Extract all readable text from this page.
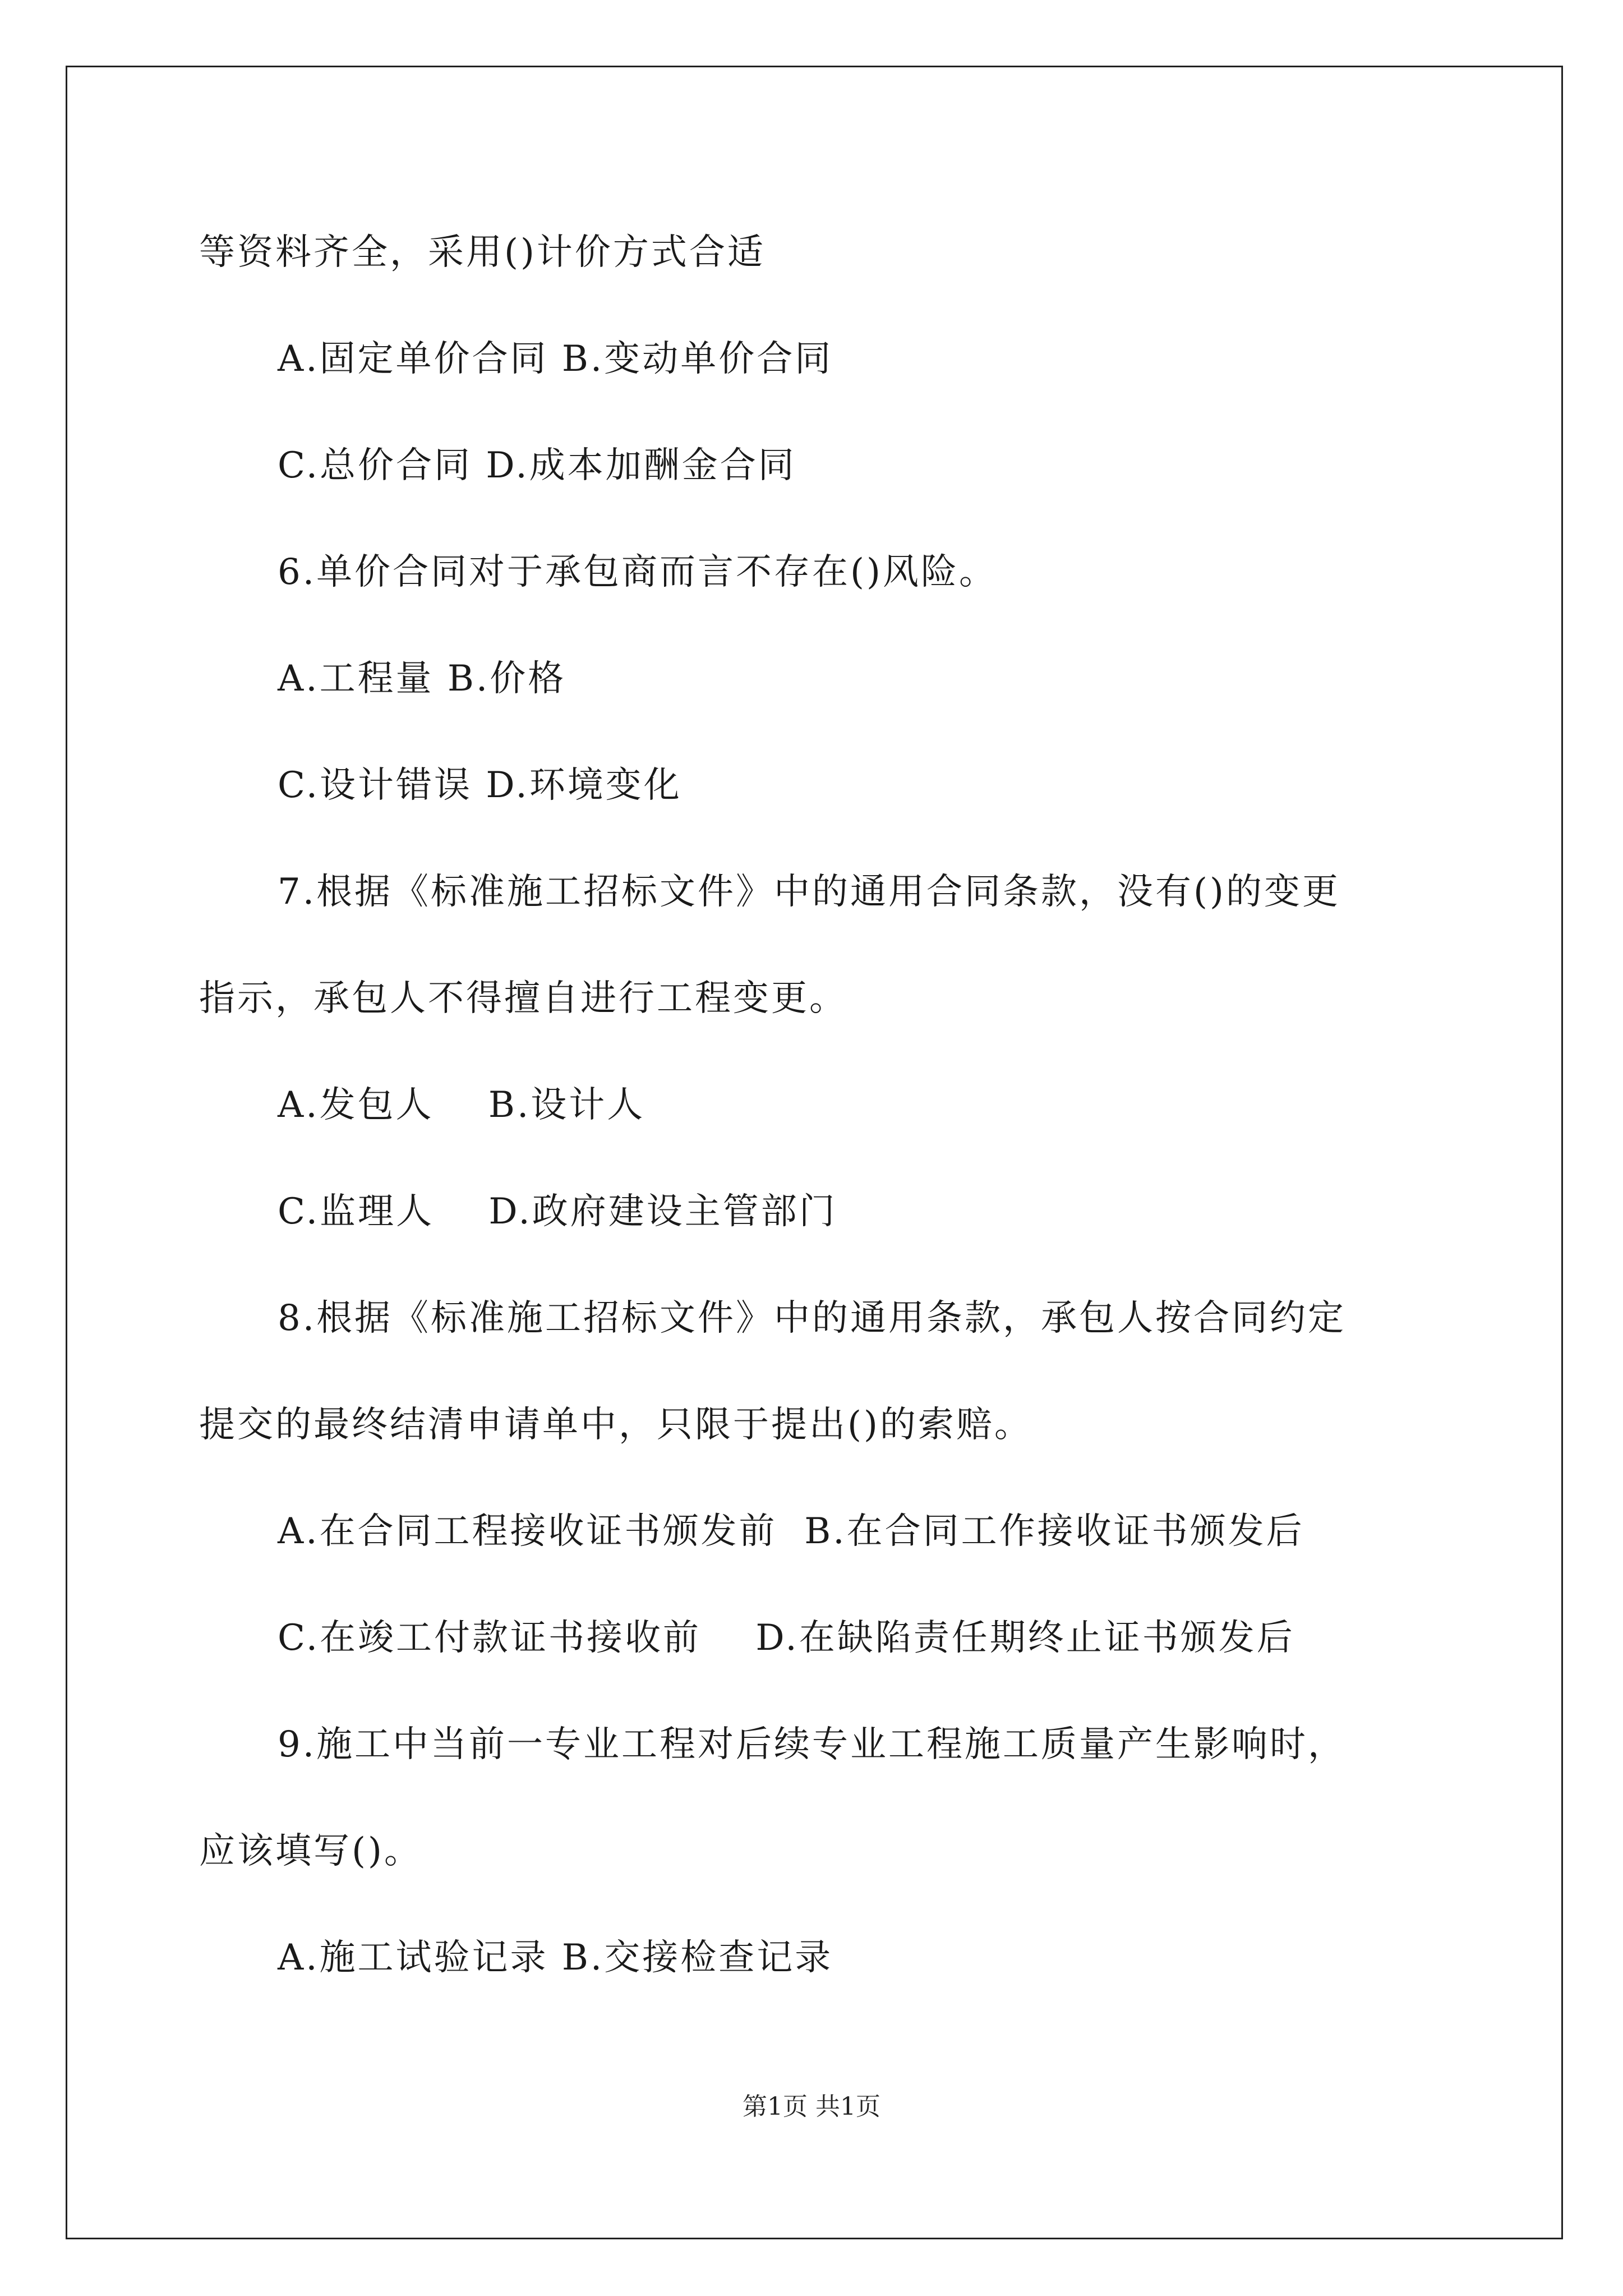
等资料齐全，采用()计价方式合适
A.固定单价合同 B.变动单价合同
C.总价合同 D.成本加酬金合同
6.单价合同对于承包商而言不存在()风险。
A.工程量 B.价格
C.设计错误 D.环境变化
7.根据《标准施工招标文件》中的通用合同条款，没有()的变更
指示，承包人不得擅自进行工程变更。
A.发包人    B.设计人
C.监理人    D.政府建设主管部门
8.根据《标准施工招标文件》中的通用条款，承包人按合同约定
提交的最终结清申请单中，只限于提出()的索赔。
A.在合同工程接收证书颁发前  B.在合同工作接收证书颁发后
C.在竣工付款证书接收前    D.在缺陷责任期终止证书颁发后
9.施工中当前一专业工程对后续专业工程施工质量产生影响时，
应该填写()。
A.施工试验记录 B.交接检查记录
第1页 共1页
